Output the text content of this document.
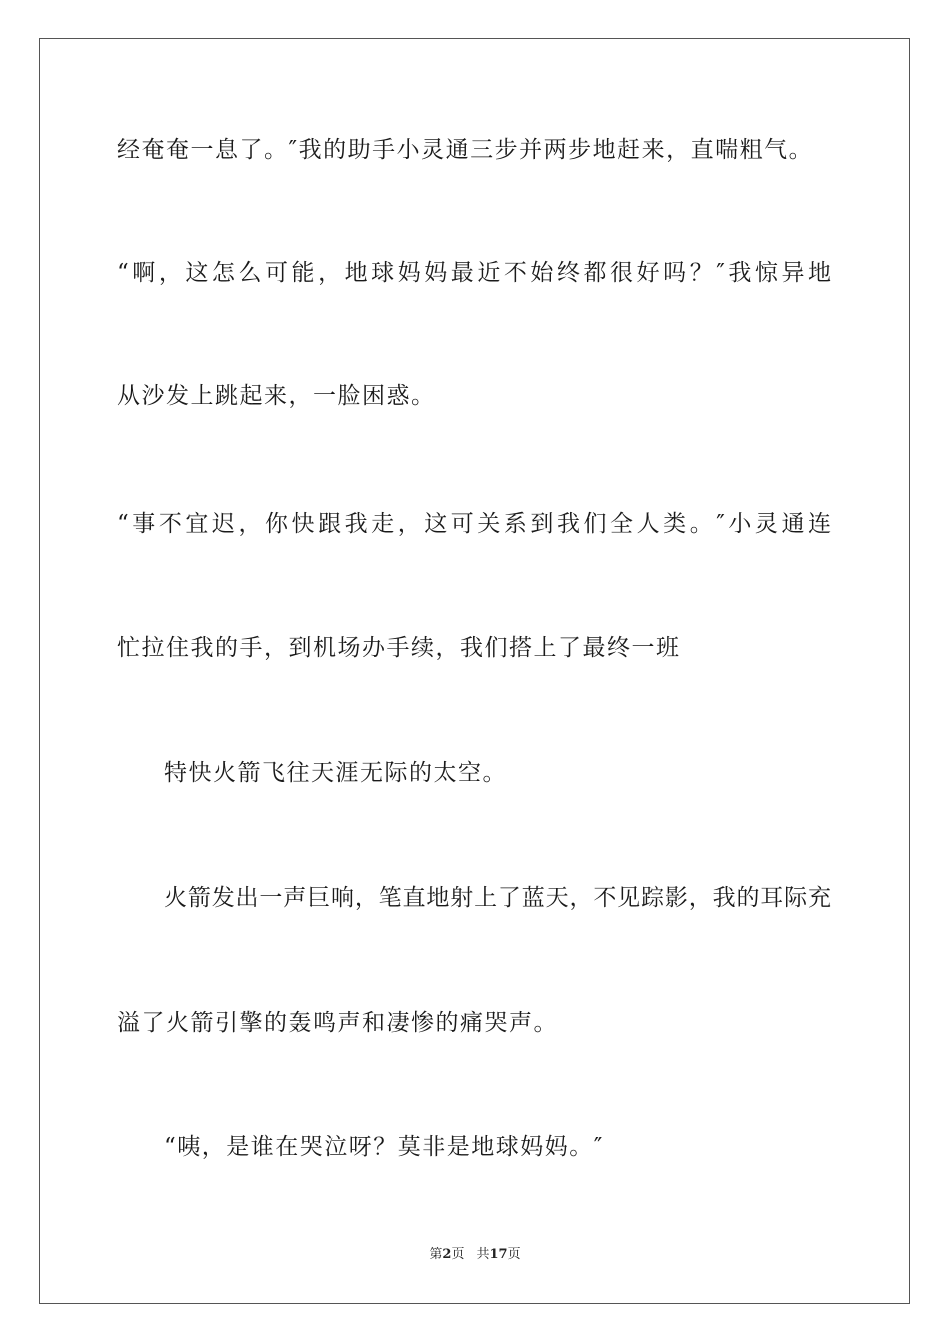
经奄奄一息了。″我的助手小灵通三步并两步地赶来，直喘粗气。
“啊，这怎么可能，地球妈妈最近不始终都很好吗？″我惊异地
从沙发上跳起来，一脸困惑。
“事不宜迟，你快跟我走，这可关系到我们全人类。″小灵通连
忙拉住我的手，到机场办手续，我们搭上了最终一班
特快火箭飞往天涯无际的太空。
火箭发出一声巨响，笔直地射上了蓝天，不见踪影，我的耳际充
溢了火箭引擎的轰鸣声和凄惨的痛哭声。
“咦，是谁在哭泣呀？莫非是地球妈妈。″
第2页 共17页
